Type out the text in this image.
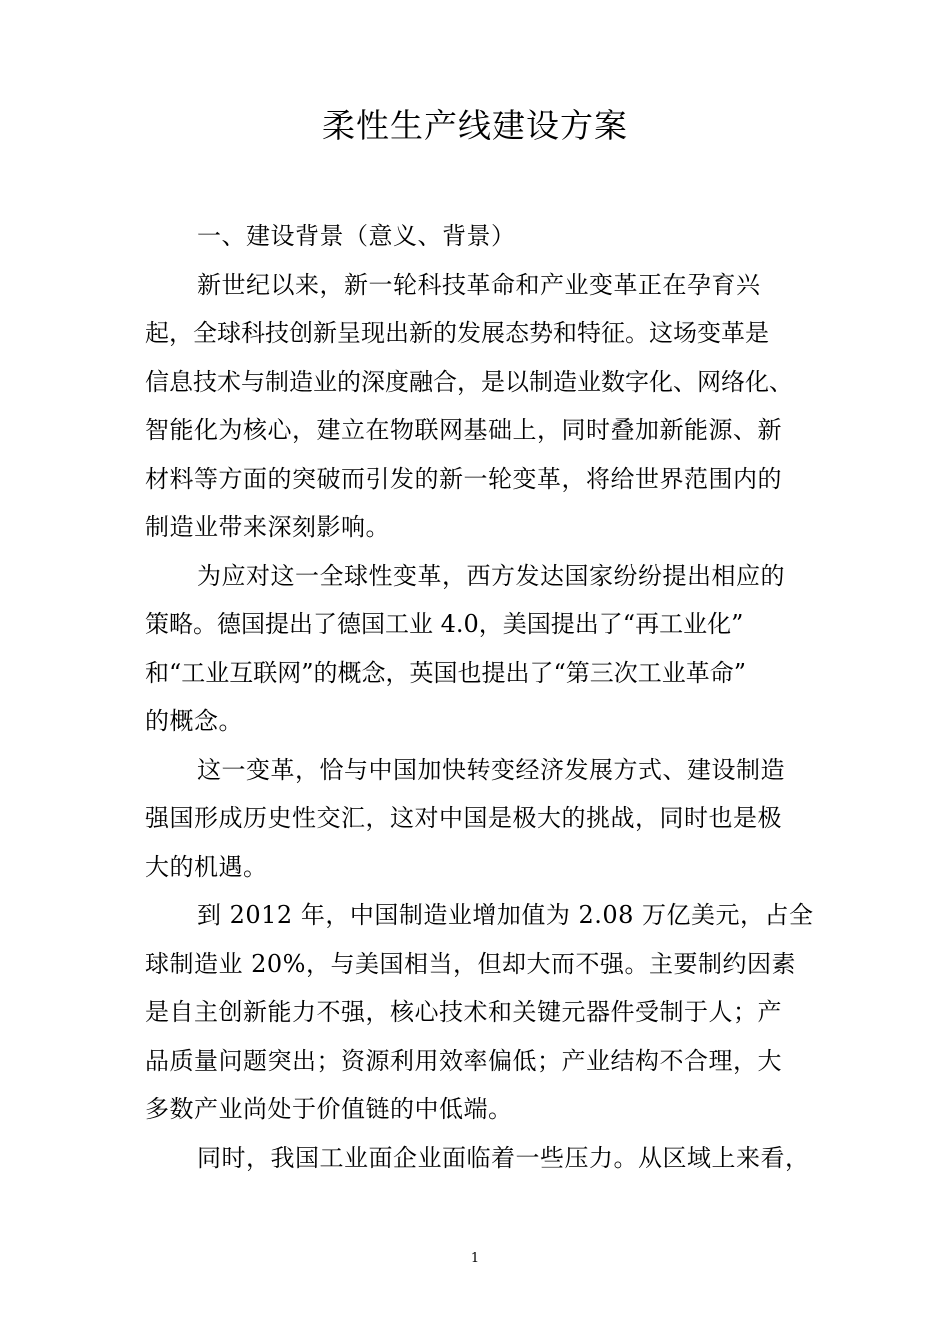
柔性生产线建设方案
一、建设背景（意义、背景）
新世纪以来，新一轮科技革命和产业变革正在孕育兴
起，全球科技创新呈现出新的发展态势和特征。这场变革是
信息技术与制造业的深度融合，是以制造业数字化、网络化、
智能化为核心，建立在物联网基础上，同时叠加新能源、新
材料等方面的突破而引发的新一轮变革，将给世界范围内的
制造业带来深刻影响。
为应对这一全球性变革，西方发达国家纷纷提出相应的
策略。德国提出了德国工业 4.0，美国提出了“再工业化”
和“工业互联网”的概念，英国也提出了“第三次工业革命”
的概念。
这一变革，恰与中国加快转变经济发展方式、建设制造
强国形成历史性交汇，这对中国是极大的挑战，同时也是极
大的机遇。
到 2012 年，中国制造业增加值为 2.08 万亿美元，占全
球制造业 20%，与美国相当，但却大而不强。主要制约因素
是自主创新能力不强，核心技术和关键元器件受制于人；产
品质量问题突出；资源利用效率偏低；产业结构不合理，大
多数产业尚处于价值链的中低端。
同时，我国工业面企业面临着一些压力。从区域上来看，
1
